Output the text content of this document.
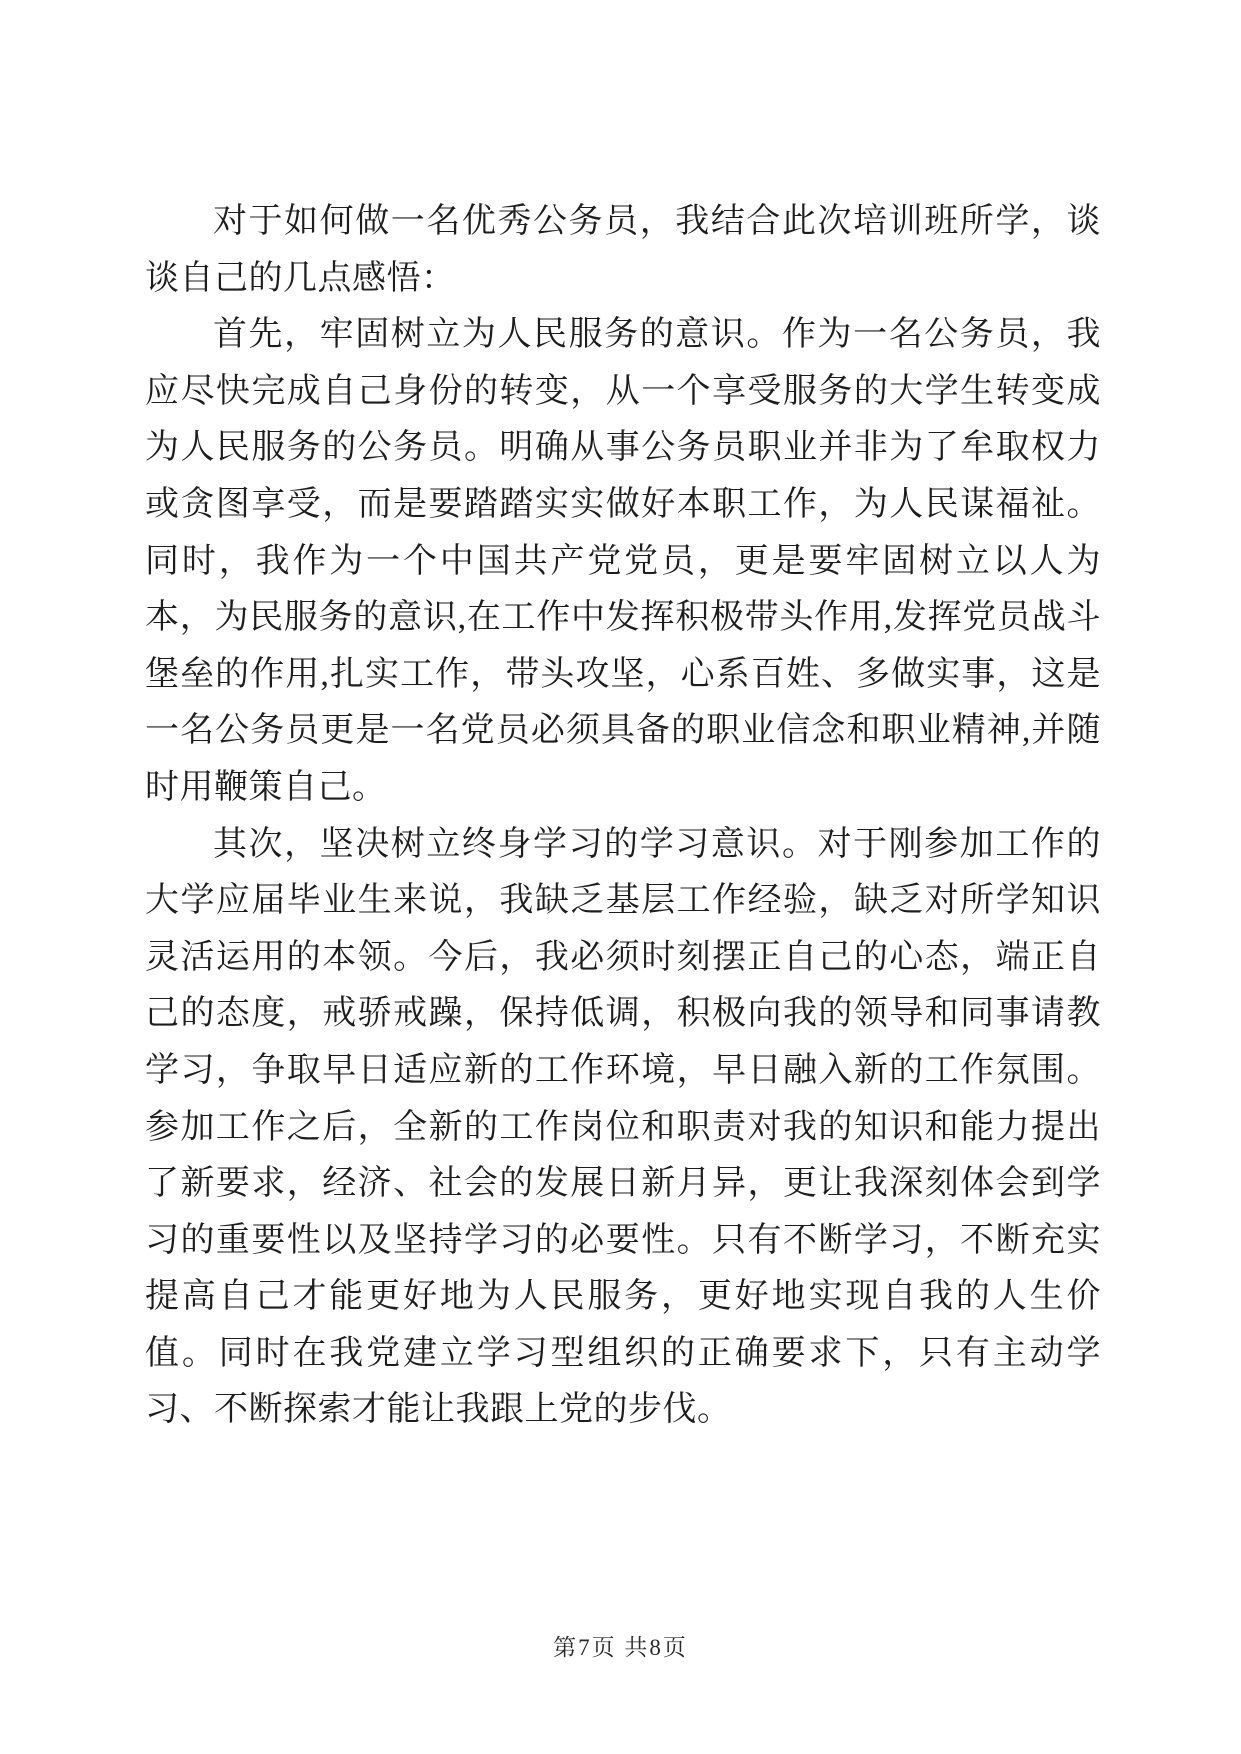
对于如何做一名优秀公务员，我结合此次培训班所学，谈谈自己的几点感悟：

首先，牢固树立为人民服务的意识。作为一名公务员，我应尽快完成自己身份的转变，从一个享受服务的大学生转变成为人民服务的公务员。明确从事公务员职业并非为了牟取权力或贪图享受，而是要踏踏实实做好本职工作，为人民谋福祉。同时，我作为一个中国共产党党员，更是要牢固树立以人为本，为民服务的意识,在工作中发挥积极带头作用,发挥党员战斗堡垒的作用,扎实工作，带头攻坚，心系百姓、多做实事，这是一名公务员更是一名党员必须具备的职业信念和职业精神,并随时用鞭策自己。

其次，坚决树立终身学习的学习意识。对于刚参加工作的大学应届毕业生来说，我缺乏基层工作经验，缺乏对所学知识灵活运用的本领。今后，我必须时刻摆正自己的心态，端正自己的态度，戒骄戒躁，保持低调，积极向我的领导和同事请教学习，争取早日适应新的工作环境，早日融入新的工作氛围。参加工作之后，全新的工作岗位和职责对我的知识和能力提出了新要求，经济、社会的发展日新月异，更让我深刻体会到学习的重要性以及坚持学习的必要性。只有不断学习，不断充实提高自己才能更好地为人民服务，更好地实现自我的人生价值。同时在我党建立学习型组织的正确要求下，只有主动学习、不断探索才能让我跟上党的步伐。

第7页 共8页
